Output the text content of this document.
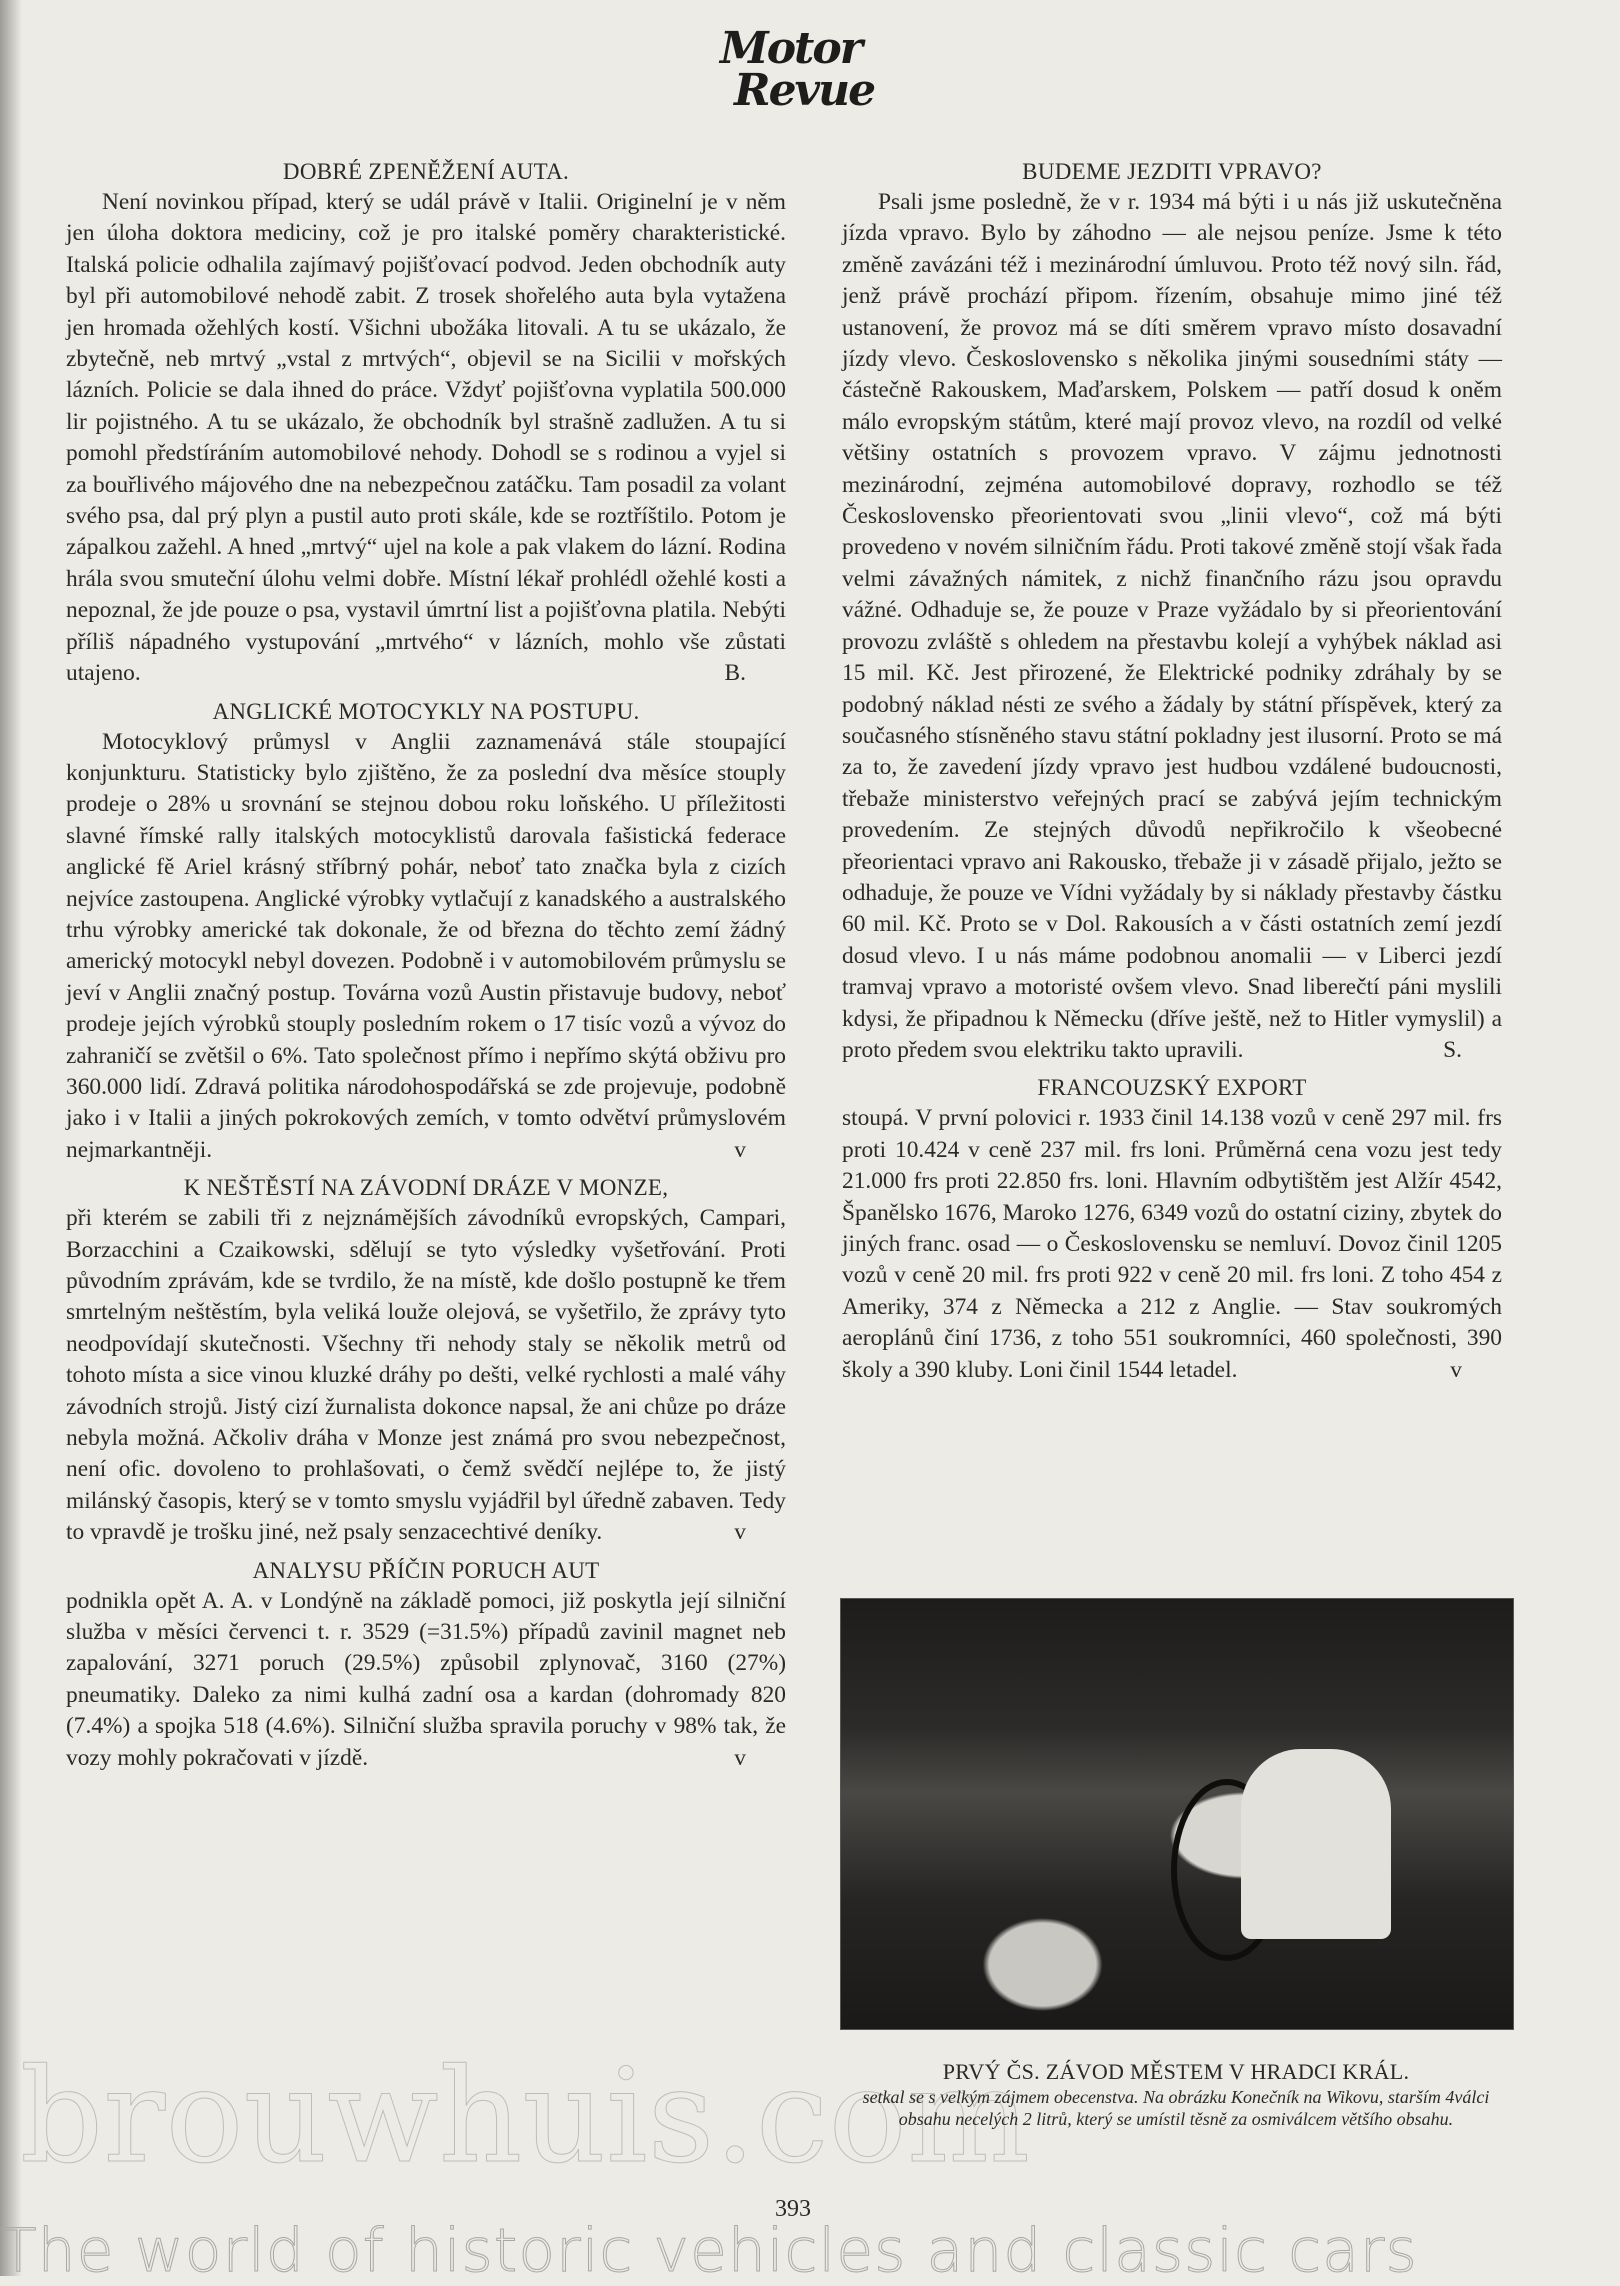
Motor
Revue
brouwhuis.com
DOBRÉ ZPENĚŽENÍ AUTA.

Není novinkou případ, který se udál právě v Italii. Originelní je v něm jen úloha doktora mediciny, což je pro italské poměry charakteristické. Italská policie odhalila zajímavý pojišťovací podvod. Jeden obchodník auty byl při automobilové nehodě zabit. Z trosek shořelého auta byla vytažena jen hromada ožehlých kostí. Všichni ubožáka litovali. A tu se ukázalo, že zbytečně, neb mrtvý „vstal z mrtvých“, objevil se na Sicilii v mořských lázních. Policie se dala ihned do práce. Vždyť pojišťovna vyplatila 500.000 lir pojistného. A tu se ukázalo, že obchodník byl strašně zadlužen. A tu si pomohl předstíráním automobilové nehody. Dohodl se s rodinou a vyjel si za bouřlivého májového dne na nebezpečnou zatáčku. Tam posadil za volant svého psa, dal prý plyn a pustil auto proti skále, kde se roztříštilo. Potom je zápalkou zažehl. A hned „mrtvý“ ujel na kole a pak vlakem do lázní. Rodina hrála svou smuteční úlohu velmi dobře. Místní lékař prohlédl ožehlé kosti a nepoznal, že jde pouze o psa, vystavil úmrtní list a pojišťovna platila. Nebýti příliš nápadného vystupování „mrtvého“ v lázních, mohlo vše zůstati utajeno.	B.

ANGLICKÉ MOTOCYKLY NA POSTUPU.

Motocyklový průmysl v Anglii zaznamenává stále stoupající konjunkturu. Statisticky bylo zjištěno, že za poslední dva měsíce stouply prodeje o 28% u srovnání se stejnou dobou roku loňského. U příležitosti slavné římské rally italských motocyklistů darovala fašistická federace anglické fě Ariel krásný stříbrný pohár, neboť tato značka byla z cizích nejvíce zastoupena. Anglické výrobky vytlačují z kanadského a australského trhu výrobky americké tak dokonale, že od března do těchto zemí žádný americký motocykl nebyl dovezen. Podobně i v automobilovém průmyslu se jeví v Anglii značný postup. Továrna vozů Austin přistavuje budovy, neboť prodeje jejích výrobků stouply posledním rokem o 17 tisíc vozů a vývoz do zahraničí se zvětšil o 6%. Tato společnost přímo i nepřímo skýtá obživu pro 360.000 lidí. Zdravá politika národohospodářská se zde projevuje, podobně jako i v Italii a jiných pokrokových zemích, v tomto odvětví průmyslovém nejmarkantněji.	v

K NEŠTĚSTÍ NA ZÁVODNÍ DRÁZE V MONZE,

při kterém se zabili tři z nejznámějších závodníků evropských, Campari, Borzacchini a Czaikowski, sdělují se tyto výsledky vyšetřování. Proti původním zprávám, kde se tvrdilo, že na místě, kde došlo postupně ke třem smrtelným neštěstím, byla veliká louže olejová, se vyšetřilo, že zprávy tyto neodpovídají skutečnosti. Všechny tři nehody staly se několik metrů od tohoto místa a sice vinou kluzké dráhy po dešti, velké rychlosti a malé váhy závodních strojů. Jistý cizí žurnalista dokonce napsal, že ani chůze po dráze nebyla možná. Ačkoliv dráha v Monze jest známá pro svou nebezpečnost, není ofic. dovoleno to prohlašovati, o čemž svědčí nejlépe to, že jistý milánský časopis, který se v tomto smyslu vyjádřil byl úředně zabaven. Tedy to vpravdě je trošku jiné, než psaly senzacechtivé deníky.	v

ANALYSU PŘÍČIN PORUCH AUT

podnikla opět A. A. v Londýně na základě pomoci, již poskytla její silniční služba v měsíci červenci t. r. 3529 (=31.5%) případů zavinil magnet neb zapalování, 3271 poruch (29.5%) způsobil zplynovač, 3160 (27%) pneumatiky. Daleko za nimi kulhá zadní osa a kardan (dohromady 820 (7.4%) a spojka 518 (4.6%). Silniční služba spravila poruchy v 98% tak, že vozy mohly pokračovati v jízdě.	v

BUDEME JEZDITI VPRAVO?

Psali jsme posledně, že v r. 1934 má býti i u nás již uskutečněna jízda vpravo. Bylo by záhodno — ale nejsou peníze. Jsme k této změně zavázáni též i mezinárodní úmluvou. Proto též nový siln. řád, jenž právě prochází připom. řízením, obsahuje mimo jiné též ustanovení, že provoz má se díti směrem vpravo místo dosavadní jízdy vlevo. Československo s několika jinými sousedními státy — částečně Rakouskem, Maďarskem, Polskem — patří dosud k oněm málo evropským státům, které mají provoz vlevo, na rozdíl od velké většiny ostatních s provozem vpravo. V zájmu jednotnosti mezinárodní, zejména automobilové dopravy, rozhodlo se též Československo přeorientovati svou „linii vlevo“, což má býti provedeno v novém silničním řádu. Proti takové změně stojí však řada velmi závažných námitek, z nichž finančního rázu jsou opravdu vážné. Odhaduje se, že pouze v Praze vyžádalo by si přeorientování provozu zvláště s ohledem na přestavbu kolejí a vyhýbek náklad asi 15 mil. Kč. Jest přirozené, že Elektrické podniky zdráhaly by se podobný náklad nésti ze svého a žádaly by státní příspěvek, který za současného stísněného stavu státní pokladny jest ilusorní. Proto se má za to, že zavedení jízdy vpravo jest hudbou vzdálené budoucnosti, třebaže ministerstvo veřejných prací se zabývá jejím technickým provedením. Ze stejných důvodů nepřikročilo k všeobecné přeorientaci vpravo ani Rakousko, třebaže ji v zásadě přijalo, ježto se odhaduje, že pouze ve Vídni vyžádaly by si náklady přestavby částku 60 mil. Kč. Proto se v Dol. Rakousích a v části ostatních zemí jezdí dosud vlevo. I u nás máme podobnou anomalii — v Liberci jezdí tramvaj vpravo a motoristé ovšem vlevo. Snad liberečtí páni myslili kdysi, že připadnou k Německu (dříve ještě, než to Hitler vymyslil) a proto předem svou elektriku takto upravili.	S.

FRANCOUZSKÝ EXPORT

stoupá. V první polovici r. 1933 činil 14.138 vozů v ceně 297 mil. frs proti 10.424 v ceně 237 mil. frs loni. Průměrná cena vozu jest tedy 21.000 frs proti 22.850 frs. loni. Hlavním odbytištěm jest Alžír 4542, Španělsko 1676, Maroko 1276, 6349 vozů do ostatní ciziny, zbytek do jiných franc. osad — o Československu se nemluví. Dovoz činil 1205 vozů v ceně 20 mil. frs proti 922 v ceně 20 mil. frs loni. Z toho 454 z Ameriky, 374 z Německa a 212 z Anglie. — Stav soukromých aeroplánů činí 1736, z toho 551 soukromníci, 460 společnosti, 390 školy a 390 kluby. Loni činil 1544 letadel.	v

PRVÝ ČS. ZÁVOD MĚSTEM V HRADCI KRÁL.
setkal se s velkým zájmem obecenstva. Na obrázku Konečník na Wikovu, starším 4válci obsahu necelých 2 litrů, který se umístil těsně za osmiválcem většího obsahu.
393
The world of historic vehicles and classic cars
